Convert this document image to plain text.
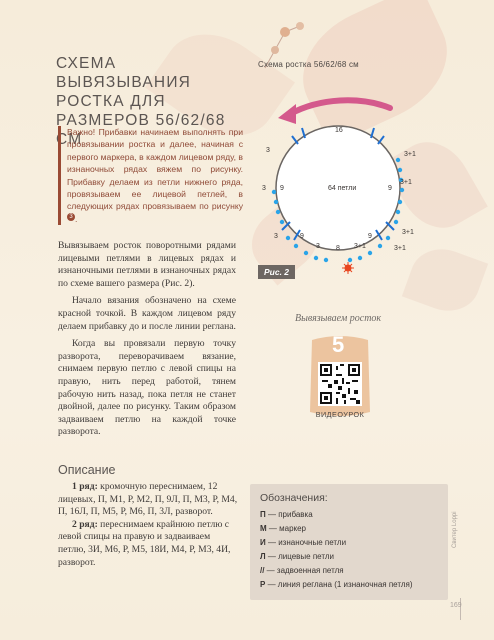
СХЕМА ВЫВЯЗЫВАНИЯ РОСТКА ДЛЯ РАЗМЕРОВ 56/62/68 СМ
Важно! Прибавки начинаем выполнять при провязывании ростка и далее, начиная с первого маркера, в каждом лицевом ряду, в изнаночных рядах вяжем по рисунку. Прибавку делаем из петли нижнего ряда, провязываем ее лицевой петлей, в следующих рядах провязываем по рисунку3 .

Вывязываем росток поворотными рядами лицевыми петлями в лицевых рядах и изнаночными петлями в изнаночных рядах по схеме вашего размера (Рис. 2).

Начало вязания обозначено на схеме красной точкой. В каждом лицевом ряду делаем прибавку до и после линии реглана.

Когда вы провязали первую точку разворота, переворачиваем вязание, снимаем первую петлю с левой спицы на правую, нить перед работой, тянем рабочую нить назад, пока петля не станет двойной, далее по рисунку. Таким образом задваиваем петлю на каждой точке разворота.

Описание

1 ряд: кромочную переснимаем, 12 лицевых, П, М1, Р, М2, П, 9Л, П, М3, Р, М4, П, 16Л, П, М5, Р, М6, П, 3Л, разворот.

2 ряд: переснимаем крайнюю петлю с левой спицы на правую и задваиваем петлю, 3И, М6, Р, М5, 18И, М4, Р, М3, 4И, разворот.

Схема ростка 56/62/68 см
16
3
9	9
64 петли
3+1
3
3+1
9
8
3	3+1	3+1
3+1
3	9
Рис. 2
Вывязываем росток
5
ВИДЕОУРОК
Обозначения:
П — прибавка
М — маркер
И — изнаночные петли
Л — лицевые петли
// — задвоенная петля
Р — линия реглана (1 изнаночная петля)
Свитер Loppi
169
